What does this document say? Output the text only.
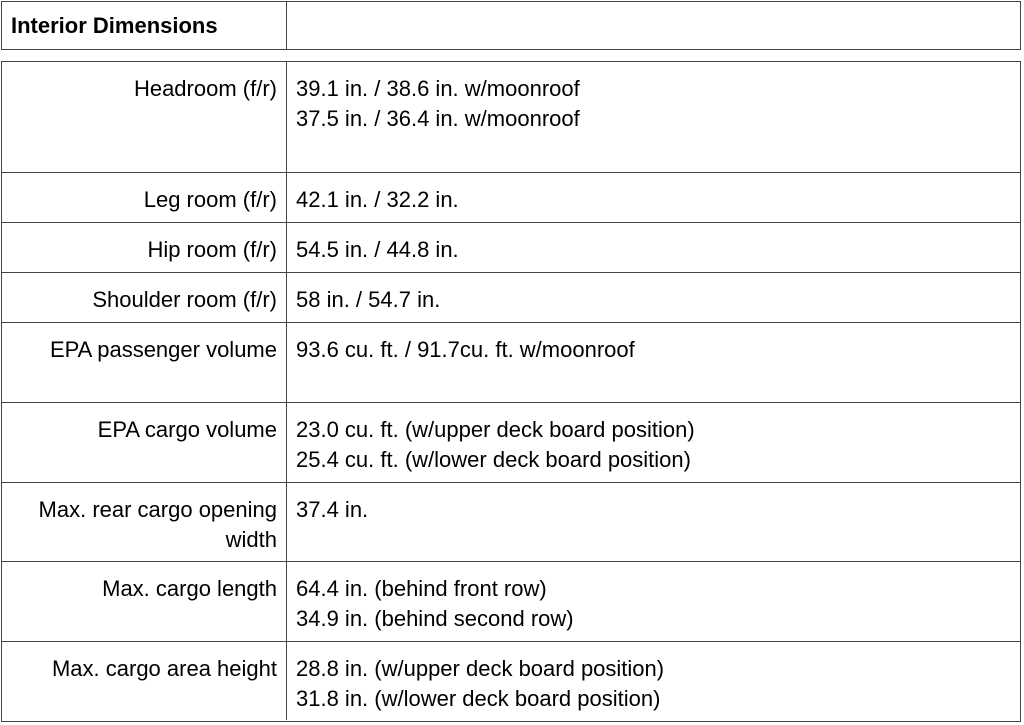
Interior Dimensions
Headroom (f/r) 39.1 in. / 38.6 in. w/moonroof
37.5 in. / 36.4 in. w/moonroof
Leg room (f/r) 42.1 in. / 32.2 in.
Hip room (f/r) 54.5 in. / 44.8 in.
Shoulder room (f/r) 58 in. / 54.7 in.
EPA passenger volume 93.6 cu. ft. / 91.7cu. ft. w/moonroof
EPA cargo volume 23.0 cu. ft. (w/upper deck board position)
25.4 cu. ft. (w/lower deck board position)
Max. rear cargo opening width
37.4 in.
Max. cargo length 64.4 in. (behind front row)
34.9 in. (behind second row)
Max. cargo area height 28.8 in. (w/upper deck board position)
31.8 in. (w/lower deck board position)
